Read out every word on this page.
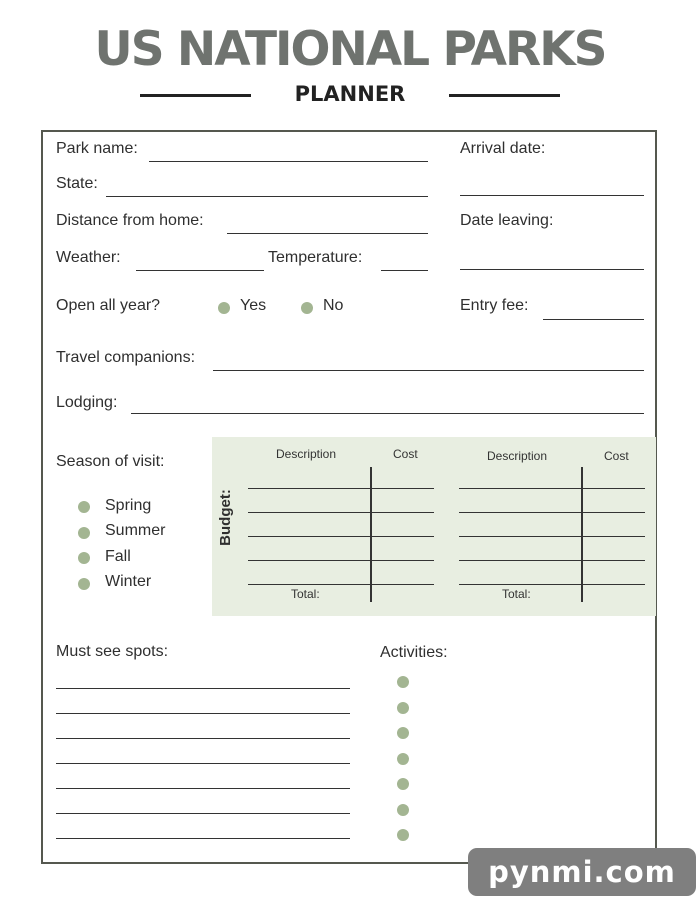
US NATIONAL PARKS
PLANNER
Park name:	Arrival date:
State:
Distance from home:	Date leaving:
Weather:	Temperature:
Open all year?	Yes	No	Entry fee:
Travel companions:
Lodging:
Season of visit:
Spring
Summer
Fall
Winter
Budget:
Description	Cost
Total:
Description	Cost
Total:
Must see spots:	Activities:
pynmi.com
